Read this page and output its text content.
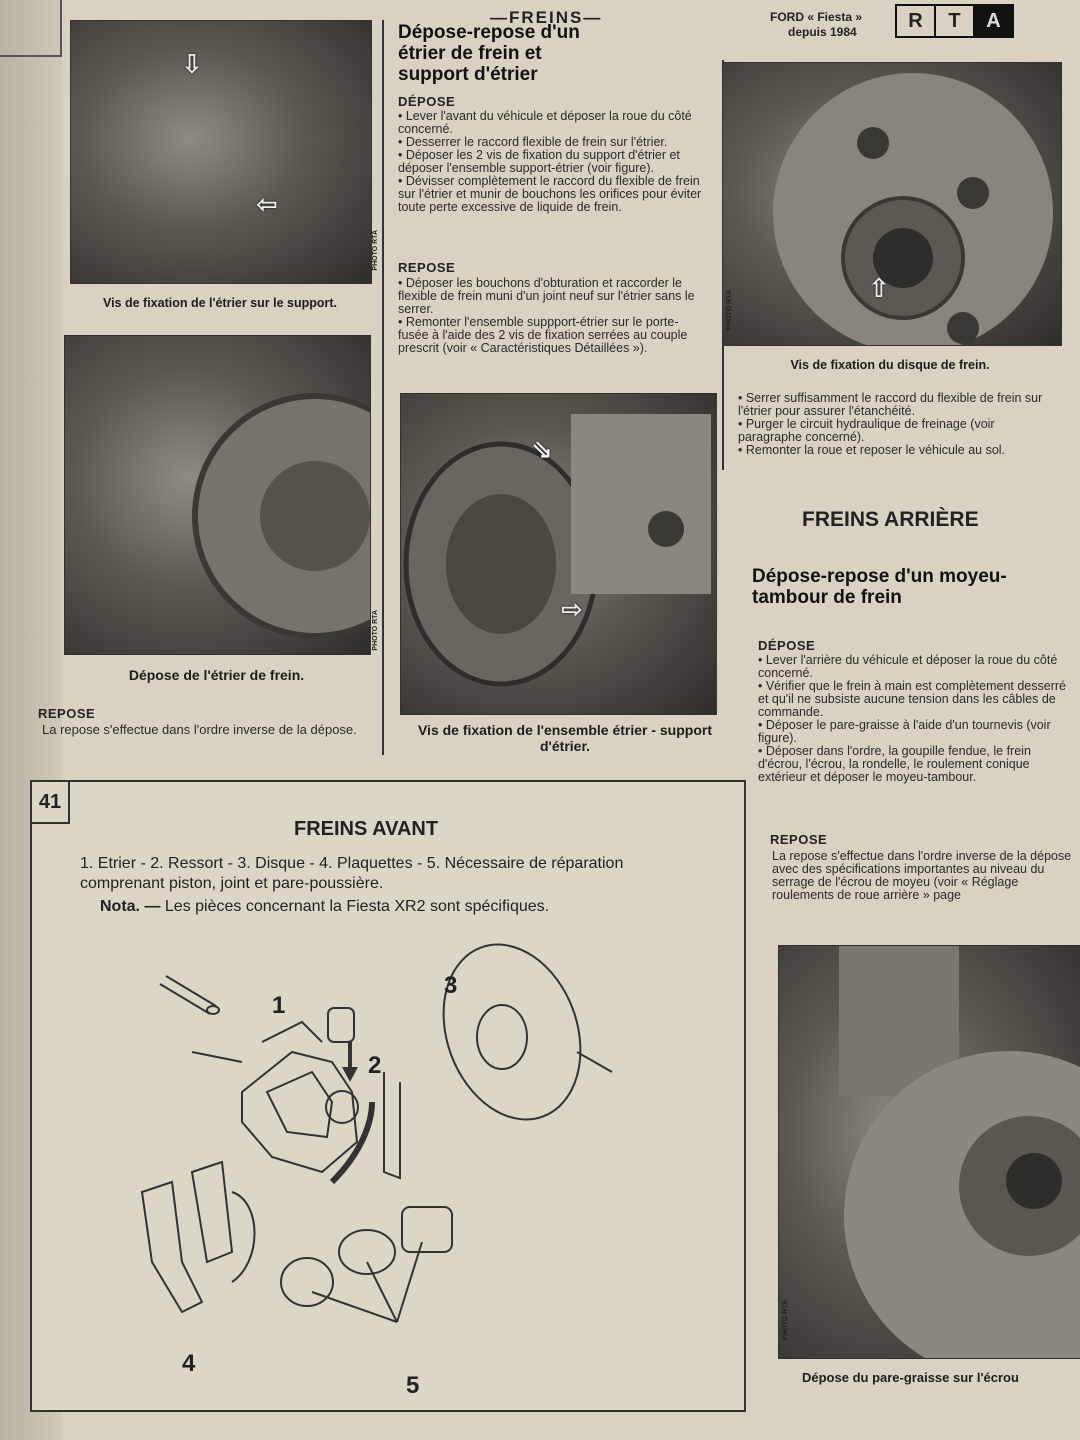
—FREINS—	FORD « Fiesta »
depuis 1984	R	T	A
⇦
⇩
PHOTO RTA
Vis de fixation de l'étrier sur le support.
PHOTO RTA
Dépose de l'étrier de frein.
REPOSE
La repose s'effectue dans l'ordre inverse de la dépose.
Dépose-repose d'un étrier de frein et support d'étrier
DÉPOSE

• Lever l'avant du véhicule et déposer la roue du côté concerné.

• Desserrer le raccord flexible de frein sur l'étrier.

• Déposer les 2 vis de fixation du support d'étrier et déposer l'ensemble support-étrier (voir figure).

• Dévisser complètement le raccord du flexible de frein sur l'étrier et munir de bouchons les orifices pour éviter toute perte excessive de liquide de frein.

REPOSE

• Déposer les bouchons d'obturation et raccorder le flexible de frein muni d'un joint neuf sur l'étrier sans le serrer.

• Remonter l'ensemble suppport-étrier sur le porte-fusée à l'aide des 2 vis de fixation serrées au couple prescrit (voir « Caractéristiques Détaillées »).

⇨
⇘
Vis de fixation de l'ensemble étrier - support d'étrier.
⇧
PHOTO RTA
Vis de fixation du disque de frein.

• Serrer suffisamment le raccord du flexible de frein sur l'étrier pour assurer l'étanchéité.

• Purger le circuit hydraulique de freinage (voir paragraphe concerné).

• Remonter la roue et reposer le véhicule au sol.

FREINS ARRIÈRE
Dépose-repose d'un moyeu-tambour de frein
DÉPOSE

• Lever l'arrière du véhicule et déposer la roue du côté concerné.

• Vérifier que le frein à main est complètement desserré et qu'il ne subsiste aucune tension dans les câbles de commande.

• Déposer le pare-graisse à l'aide d'un tournevis (voir figure).

• Déposer dans l'ordre, la goupille fendue, le frein d'écrou, l'écrou, la rondelle, le roulement conique extérieur et déposer le moyeu-tambour.

REPOSE
La repose s'effectue dans l'ordre inverse de la dépose avec des spécifications importantes au niveau du serrage de l'écrou de moyeu (voir « Réglage roulements de roue arrière » page
PHOTO RTA
Dépose du pare-graisse sur l'écrou
41
FREINS AVANT
1. Etrier - 2. Ressort - 3. Disque - 4. Plaquettes - 5. Nécessaire de réparation comprenant piston, joint et pare-poussière.
Nota. — Les pièces concernant la Fiesta XR2 sont spécifiques.
1
2
3
4
5
